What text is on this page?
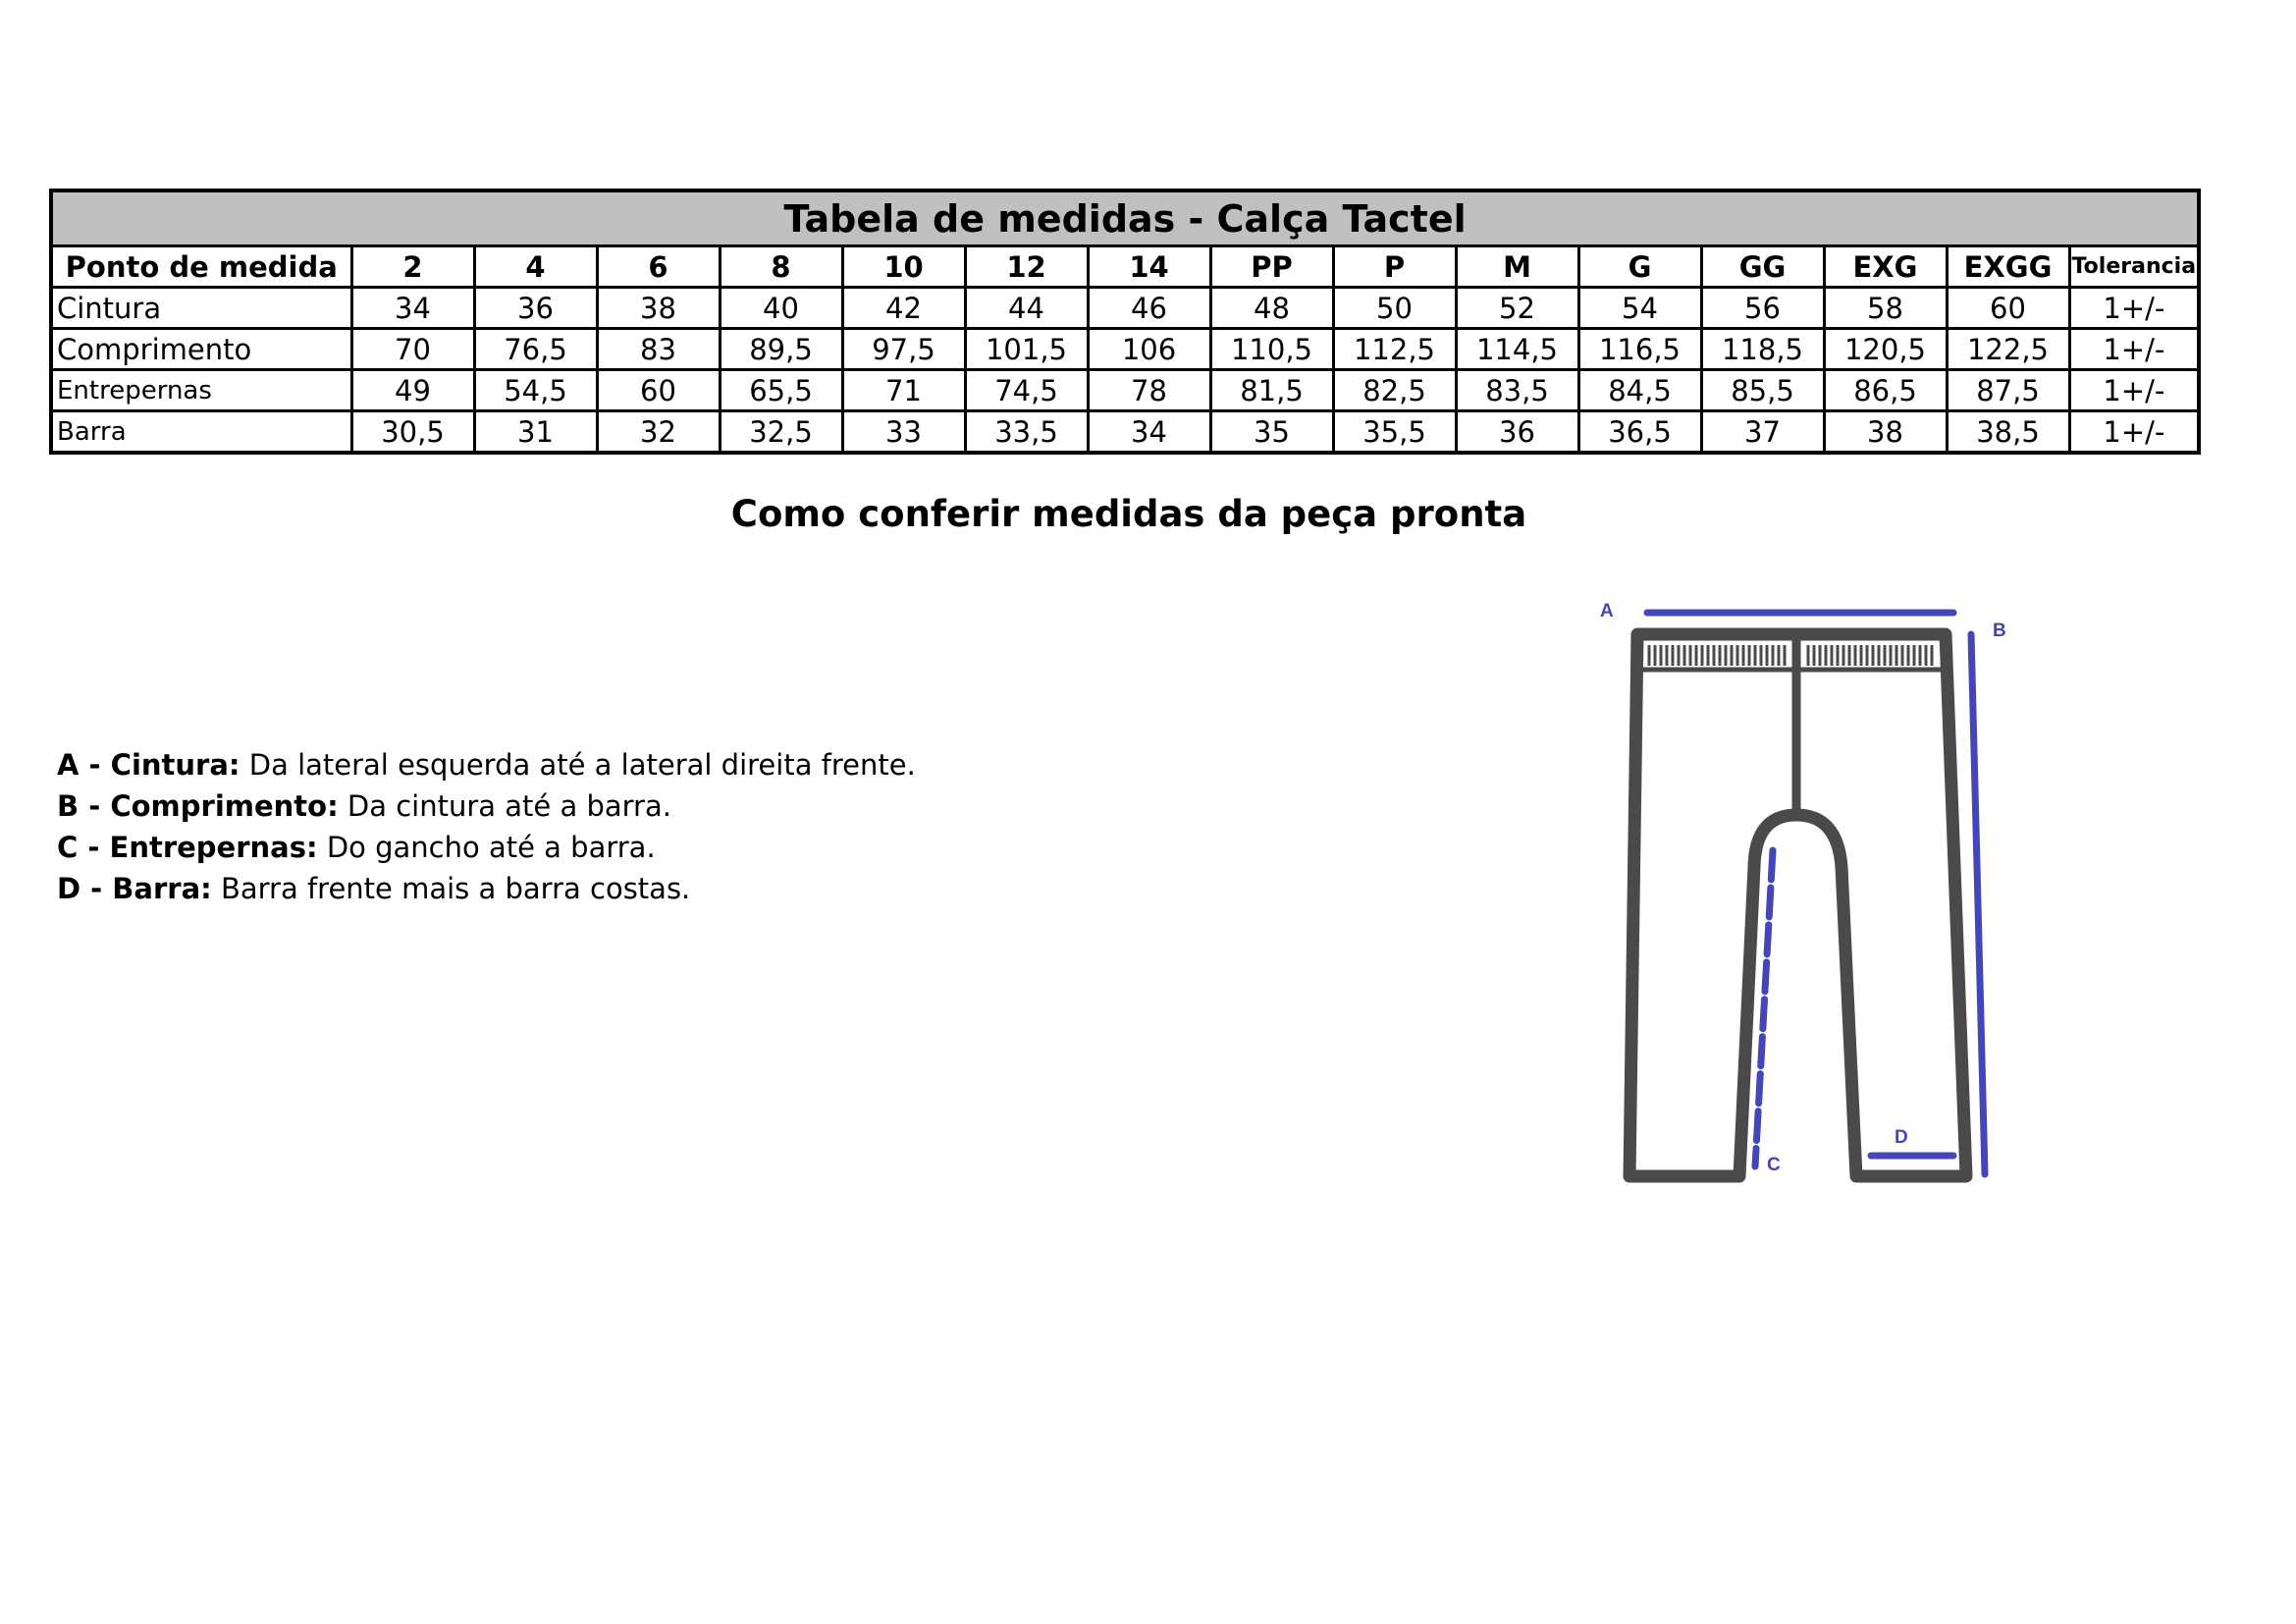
Tabela de medidas - Calça Tactel															
Ponto de medida	2	4	6	8	10	12	14	PP	P	M	G	GG	EXG	EXGG	Tolerancia
Cintura	34	36	38	40	42	44	46	48	50	52	54	56	58	60	1+/-
Comprimento	70	76,5	83	89,5	97,5	101,5	106	110,5	112,5	114,5	116,5	118,5	120,5	122,5	1+/-
Entrepernas	49	54,5	60	65,5	71	74,5	78	81,5	82,5	83,5	84,5	85,5	86,5	87,5	1+/-
Barra	30,5	31	32	32,5	33	33,5	34	35	35,5	36	36,5	37	38	38,5	1+/-
Como conferir medidas da peça pronta
A - Cintura: Da lateral esquerda até a lateral direita frente.
B - Comprimento: Da cintura até a barra.
C - Entrepernas: Do gancho até a barra.
D - Barra: Barra frente mais a barra costas.
A
B
C
D
